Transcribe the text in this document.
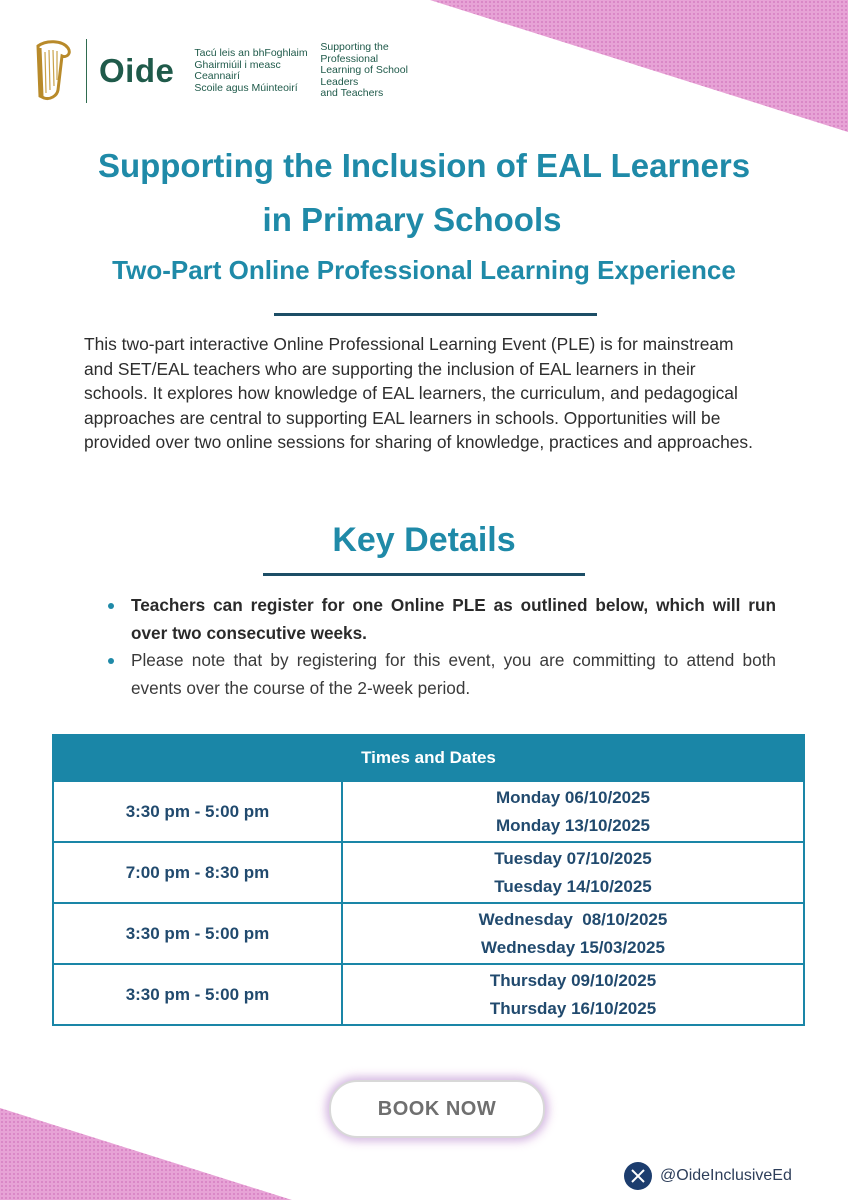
Oide Tacú leis an bhFoghlaim
Ghairmiúil i measc Ceannairí
Scoile agus Múinteoirí
Supporting the Professional
Learning of School Leaders
and Teachers
Supporting the Inclusion of EAL Learners
in Primary Schools
Two-Part Online Professional Learning Experience
This two-part interactive Online Professional Learning Event (PLE) is for mainstream and SET/EAL teachers who are supporting the inclusion of EAL learners in their schools. It explores how knowledge of EAL learners, the curriculum, and pedagogical approaches are central to supporting EAL learners in schools. Opportunities will be provided over two online sessions for sharing of knowledge, practices and approaches.
Key Details
Teachers can register for one Online PLE as outlined below, which will run over two consecutive weeks.
Please note that by registering for this event, you are committing to attend both events over the course of the 2-week period.
Times and Dates	
3:30 pm - 5:00 pm	Monday 06/10/2025
Monday 13/10/2025

7:00 pm - 8:30 pm	Tuesday 07/10/2025
Tuesday 14/10/2025

3:30 pm - 5:00 pm	Wednesday  08/10/2025
Wednesday 15/03/2025

3:30 pm - 5:00 pm	Thursday 09/10/2025
Thursday 16/10/2025
BOOK NOW
@OideInclusiveEd
